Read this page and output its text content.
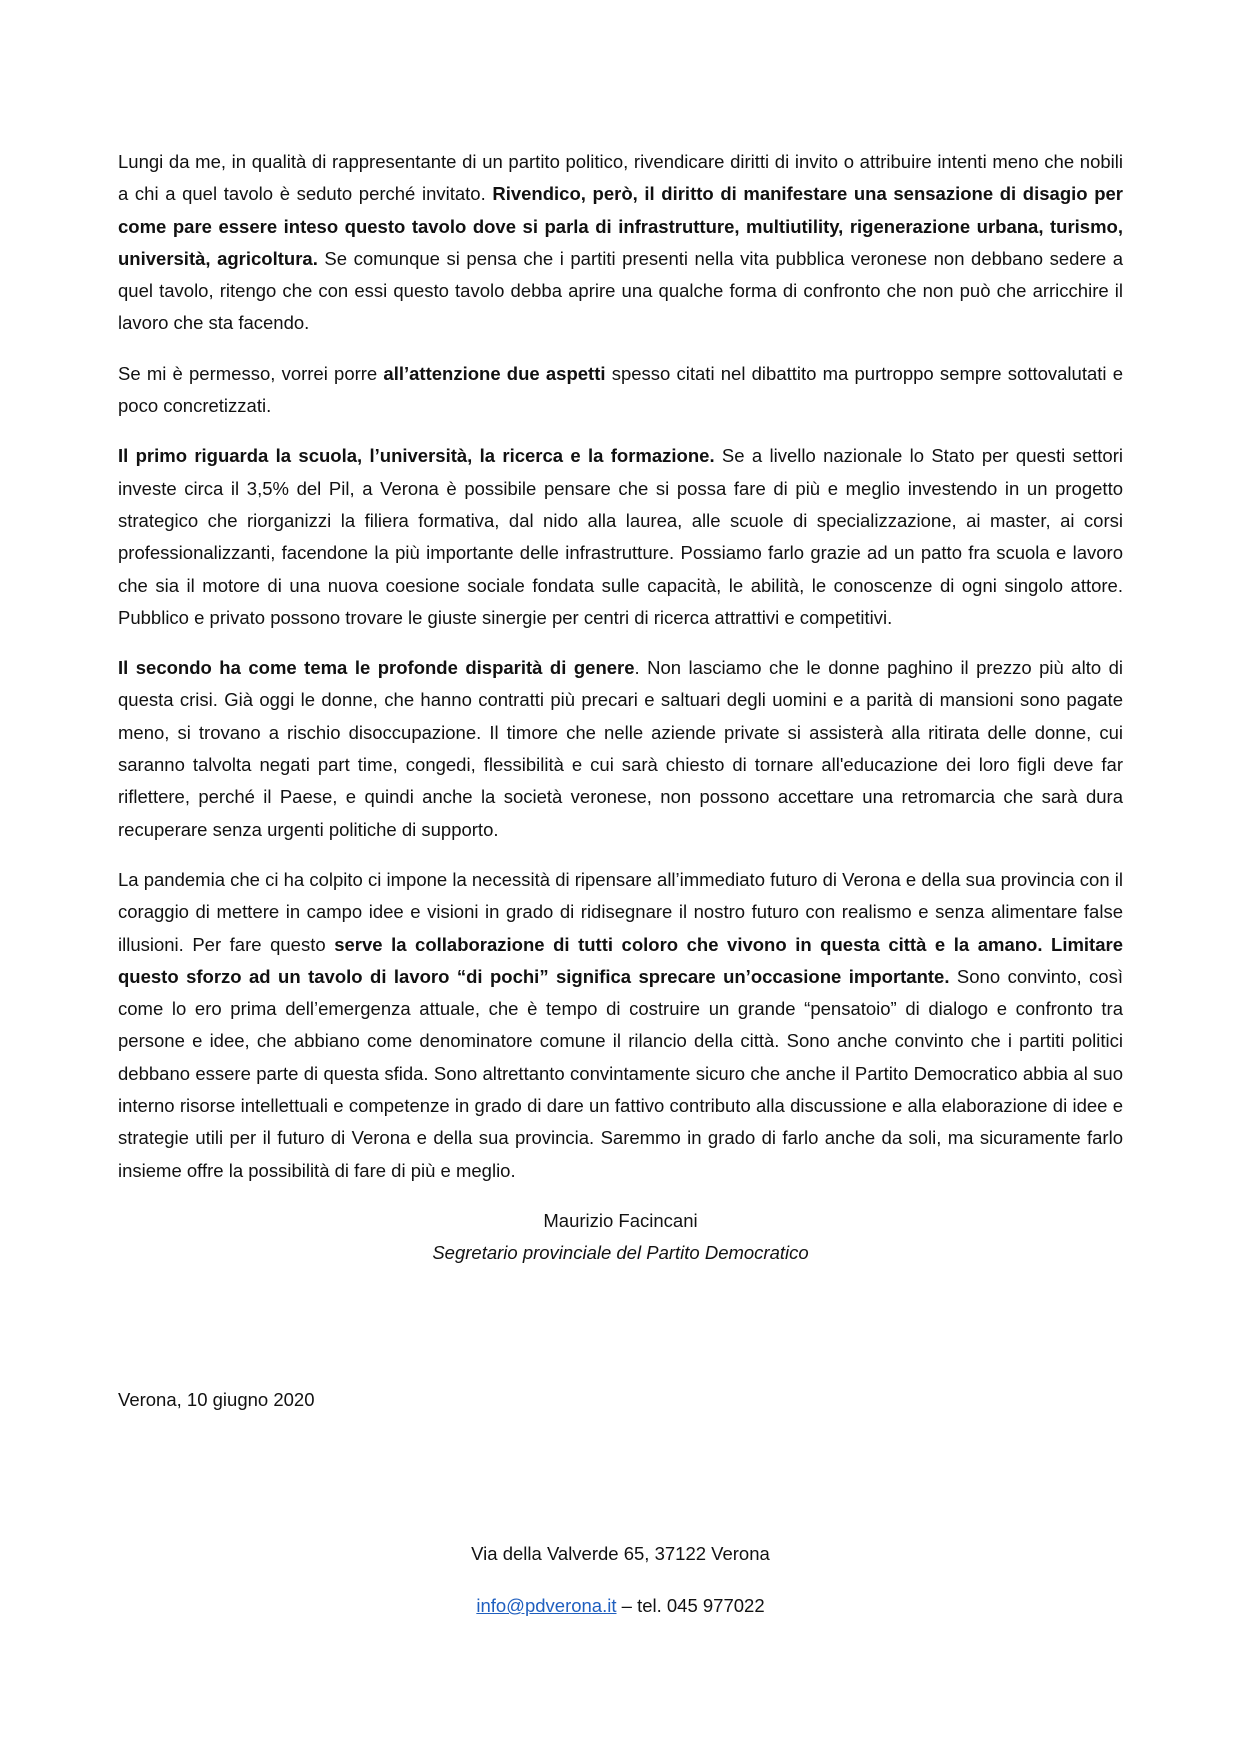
Lungi da me, in qualità di rappresentante di un partito politico, rivendicare diritti di invito o attribuire intenti meno che nobili a chi a quel tavolo è seduto perché invitato. Rivendico, però, il diritto di manifestare una sensazione di disagio per come pare essere inteso questo tavolo dove si parla di infrastrutture, multiutility, rigenerazione urbana, turismo, università, agricoltura. Se comunque si pensa che i partiti presenti nella vita pubblica veronese non debbano sedere a quel tavolo, ritengo che con essi questo tavolo debba aprire una qualche forma di confronto che non può che arricchire il lavoro che sta facendo.

Se mi è permesso, vorrei porre all’attenzione due aspetti spesso citati nel dibattito ma purtroppo sempre sottovalutati e poco concretizzati.

Il primo riguarda la scuola, l’università, la ricerca e la formazione. Se a livello nazionale lo Stato per questi settori investe circa il 3,5% del Pil, a Verona è possibile pensare che si possa fare di più e meglio investendo in un progetto strategico che riorganizzi la filiera formativa, dal nido alla laurea, alle scuole di specializzazione, ai master, ai corsi professionalizzanti, facendone la più importante delle infrastrutture. Possiamo farlo grazie ad un patto fra scuola e lavoro che sia il motore di una nuova coesione sociale fondata sulle capacità, le abilità, le conoscenze di ogni singolo attore. Pubblico e privato possono trovare le giuste sinergie per centri di ricerca attrattivi e competitivi.

Il secondo ha come tema le profonde disparità di genere. Non lasciamo che le donne paghino il prezzo più alto di questa crisi. Già oggi le donne, che hanno contratti più precari e saltuari degli uomini e a parità di mansioni sono pagate meno, si trovano a rischio disoccupazione. Il timore che nelle aziende private si assisterà alla ritirata delle donne, cui saranno talvolta negati part time, congedi, flessibilità e cui sarà chiesto di tornare all'educazione dei loro figli deve far riflettere, perché il Paese, e quindi anche la società veronese, non possono accettare una retromarcia che sarà dura recuperare senza urgenti politiche di supporto.

La pandemia che ci ha colpito ci impone la necessità di ripensare all’immediato futuro di Verona e della sua provincia con il coraggio di mettere in campo idee e visioni in grado di ridisegnare il nostro futuro con realismo e senza alimentare false illusioni. Per fare questo serve la collaborazione di tutti coloro che vivono in questa città e la amano. Limitare questo sforzo ad un tavolo di lavoro “di pochi” significa sprecare un’occasione importante. Sono convinto, così come lo ero prima dell’emergenza attuale, che è tempo di costruire un grande “pensatoio” di dialogo e confronto tra persone e idee, che abbiano come denominatore comune il rilancio della città. Sono anche convinto che i partiti politici debbano essere parte di questa sfida. Sono altrettanto convintamente sicuro che anche il Partito Democratico abbia al suo interno risorse intellettuali e competenze in grado di dare un fattivo contributo alla discussione e alla elaborazione di idee e strategie utili per il futuro di Verona e della sua provincia. Saremmo in grado di farlo anche da soli, ma sicuramente farlo insieme offre la possibilità di fare di più e meglio.

Maurizio Facincani
Segretario provinciale del Partito Democratico
Verona, 10 giugno 2020
Via della Valverde 65, 37122 Verona
info@pdverona.it – tel. 045 977022
